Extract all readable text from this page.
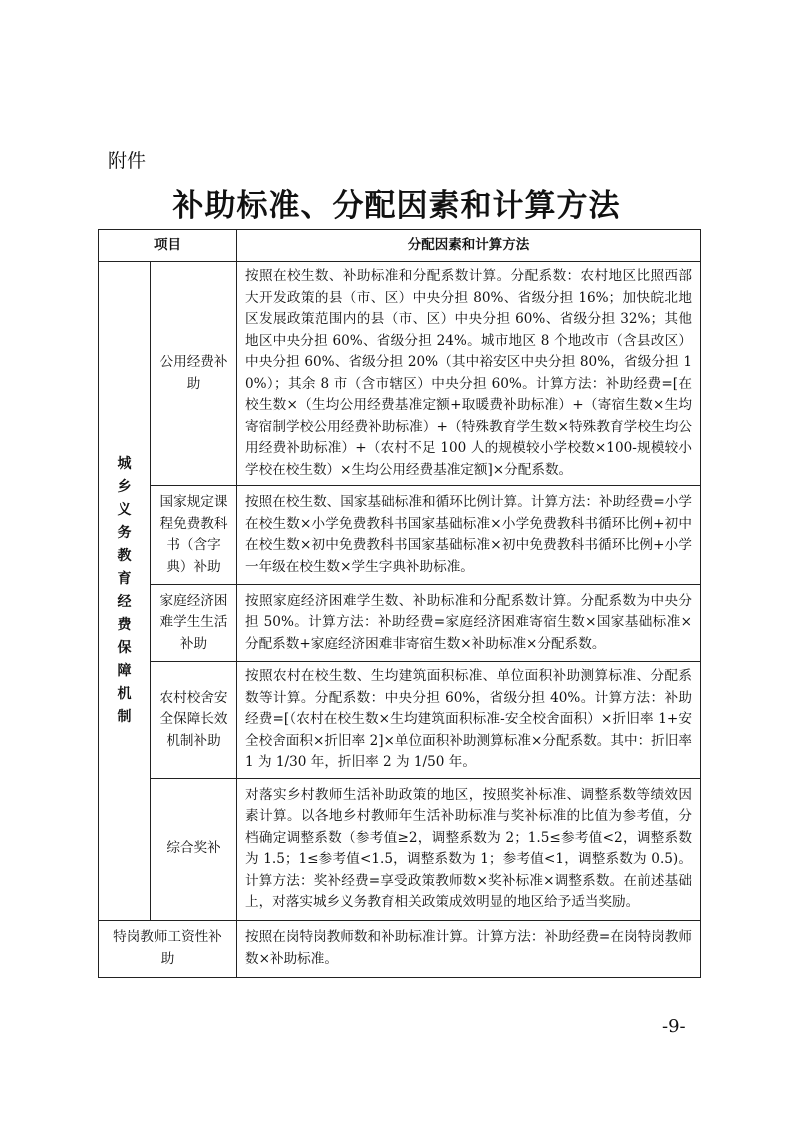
附件
补助标准、分配因素和计算方法
项目		分配因素和计算方法
城乡义务教育经费保障机制	公用经费补助	按照在校生数、补助标准和分配系数计算。分配系数：农村地区比照西部大开发政策的县（市、区）中央分担 80%、省级分担 16%；加快皖北地区发展政策范围内的县（市、区）中央分担 60%、省级分担 32%；其他地区中央分担 60%、省级分担 24%。城市地区 8 个地改市（含县改区）中央分担 60%、省级分担 20%（其中裕安区中央分担 80%，省级分担 10%）；其余 8 市（含市辖区）中央分担 60%。计算方法：补助经费=[在校生数×（生均公用经费基准定额+取暖费补助标准）+（寄宿生数×生均寄宿制学校公用经费补助标准）+（特殊教育学生数×特殊教育学校生均公用经费补助标准）+（农村不足 100 人的规模较小学校数×100-规模较小学校在校生数）×生均公用经费基准定额]×分配系数。
	国家规定课程免费教科书（含字典）补助	按照在校生数、国家基础标准和循环比例计算。计算方法：补助经费=小学在校生数×小学免费教科书国家基础标准×小学免费教科书循环比例+初中在校生数×初中免费教科书国家基础标准×初中免费教科书循环比例+小学一年级在校生数×学生字典补助标准。
	家庭经济困难学生生活补助	按照家庭经济困难学生数、补助标准和分配系数计算。分配系数为中央分担 50%。计算方法：补助经费=家庭经济困难寄宿生数×国家基础标准×分配系数+家庭经济困难非寄宿生数×补助标准×分配系数。
	农村校舍安全保障长效机制补助	按照农村在校生数、生均建筑面积标准、单位面积补助测算标准、分配系数等计算。分配系数：中央分担 60%，省级分担 40%。计算方法：补助经费=[（农村在校生数×生均建筑面积标准-安全校舍面积）×折旧率 1+安全校舍面积×折旧率 2]×单位面积补助测算标准×分配系数。其中：折旧率 1 为 1/30 年，折旧率 2 为 1/50 年。
	综合奖补	对落实乡村教师生活补助政策的地区，按照奖补标准、调整系数等绩效因素计算。以各地乡村教师年生活补助标准与奖补标准的比值为参考值，分档确定调整系数（参考值≥2，调整系数为 2；1.5≤参考值<2，调整系数为 1.5；1≤参考值<1.5，调整系数为 1；参考值<1，调整系数为 0.5)。计算方法：奖补经费=享受政策教师数×奖补标准×调整系数。在前述基础上，对落实城乡义务教育相关政策成效明显的地区给予适当奖励。
特岗教师工资性补助		按照在岗特岗教师数和补助标准计算。计算方法：补助经费=在岗特岗教师数×补助标准。
-9-
